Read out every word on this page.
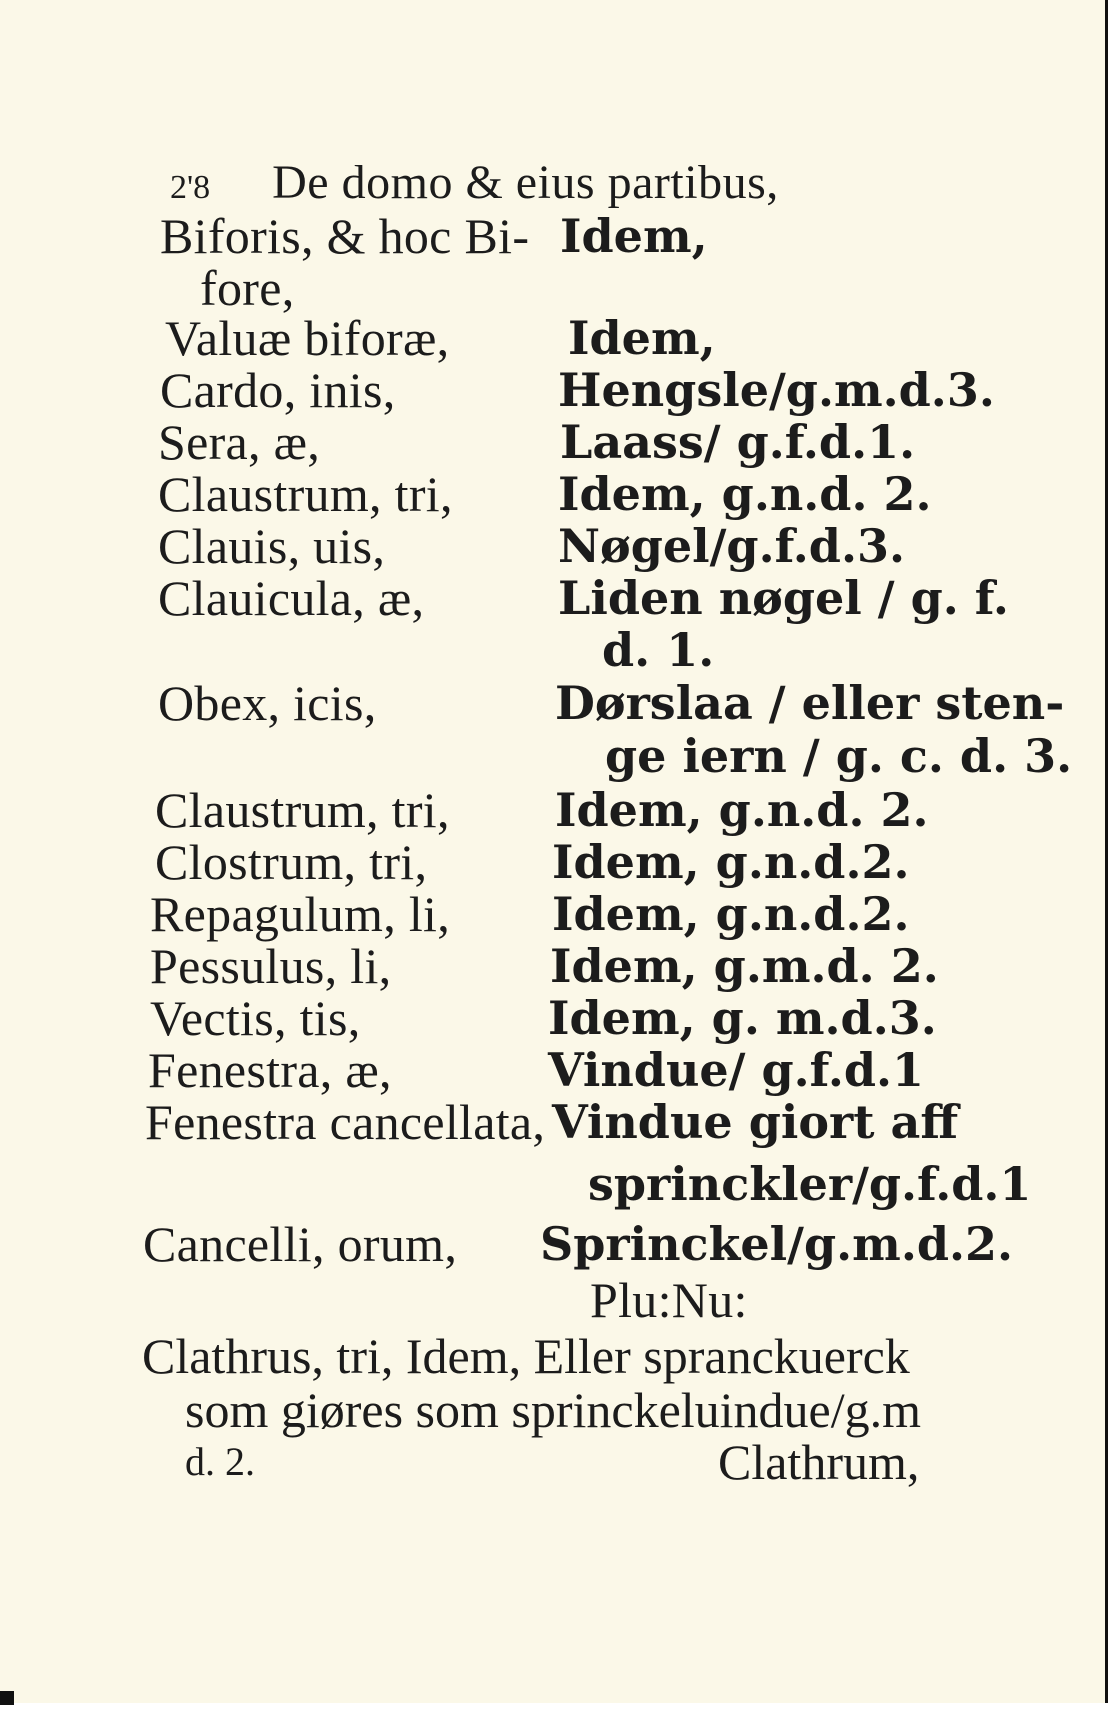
2'8 De domo & eius partibus,
Biforis, & hoc Bi-
fore,
Valuæ biforæ,
Cardo, inis,
Sera, æ,
Claustrum, tri,
Clauis, uis,
Clauicula, æ,
Obex, icis,
Claustrum, tri,
Clostrum, tri,
Repagulum, li,
Pessulus, li,
Vectis, tis,
Fenestra, æ,
Fenestra cancellata,
Cancelli, orum,
Idem,
Idem,
Hengsle/g.m.d.3.
Laass/ g.f.d.1.
Idem, g.n.d. 2.
Nøgel/g.f.d.3.
Liden nøgel / g. f.
d. 1.
Dørslaa / eller sten-
ge iern / g. c. d. 3.
Idem, g.n.d. 2.
Idem, g.n.d.2.
Idem, g.n.d.2.
Idem, g.m.d. 2.
Idem, g. m.d.3.
Vindue/ g.f.d.1
Vindue giort aff
sprinckler/g.f.d.1
Sprinckel/g.m.d.2.
Plu:Nu:
Clathrus, tri, Idem, Eller spranckuerck
som giøres som sprinckeluindue/g.m
d. 2.	Clathrum,
